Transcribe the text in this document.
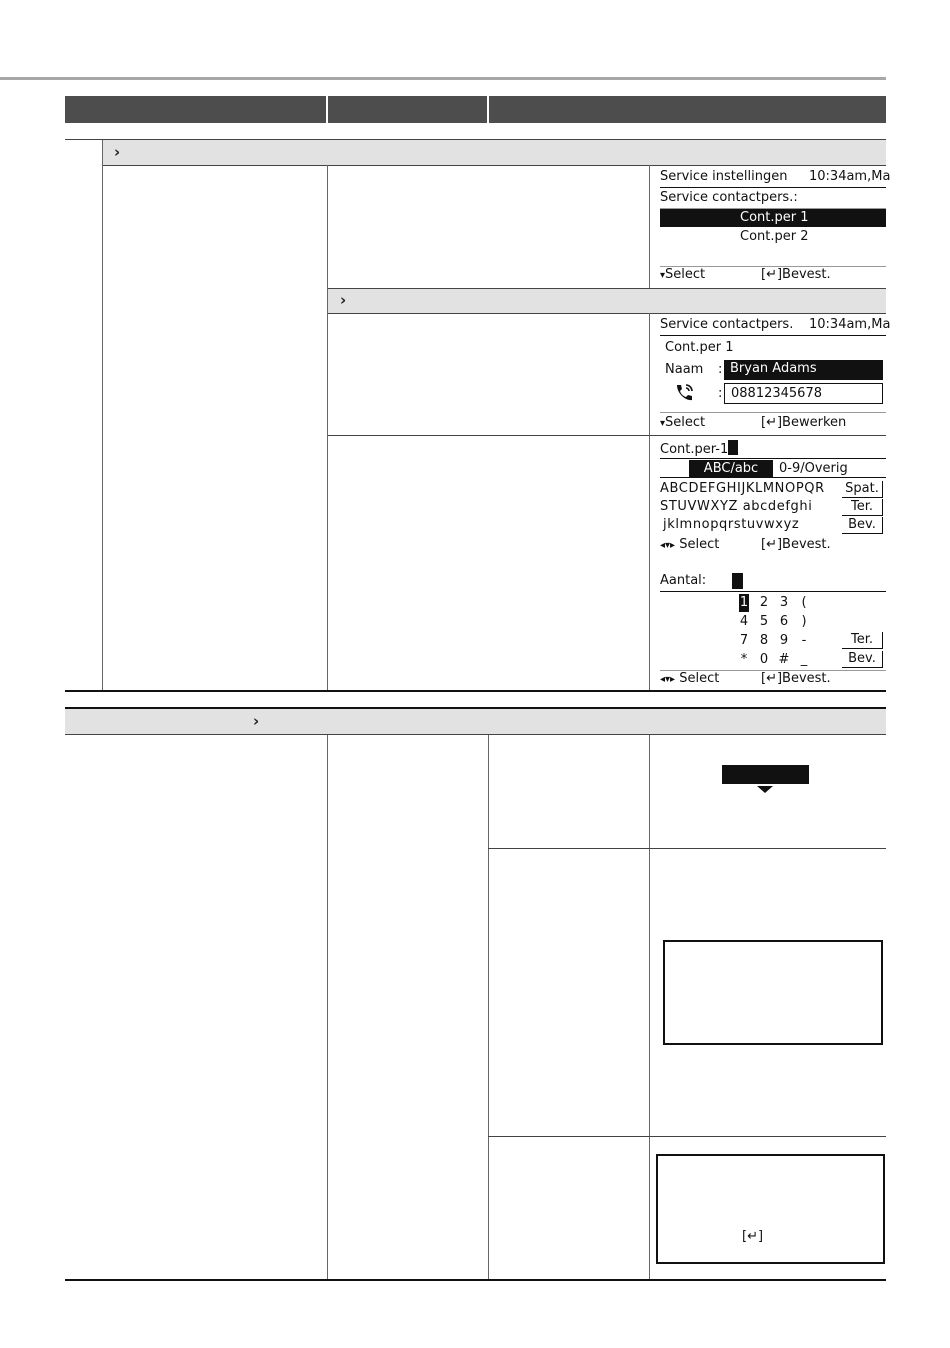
›
›
Service instellingen 10:34am,Ma
Service contactpers.:
Cont.per 1
Cont.per 2
▾Select	[↵]Bevest.
Service contactpers. 10:34am,Ma
Cont.per 1
Naam : Bryan Adams
: 08812345678
▾Select	[↵]Bewerken
Cont.per-1
ABC/abc	0-9/Overig
ABCDEFGHIJKLMNOPQR
STUVWXYZ abcdefghi
jklmnopqrstuvwxyz
Spat.
Ter.
Bev.
◂▾▸ Select	[↵]Bevest.
Aantal:
1 2 3	(
4 5 6	)
7 8 9	-
* 0 # _
Ter.
Bev.
◂▾▸ Select	[↵]Bevest.
›
[↵]
